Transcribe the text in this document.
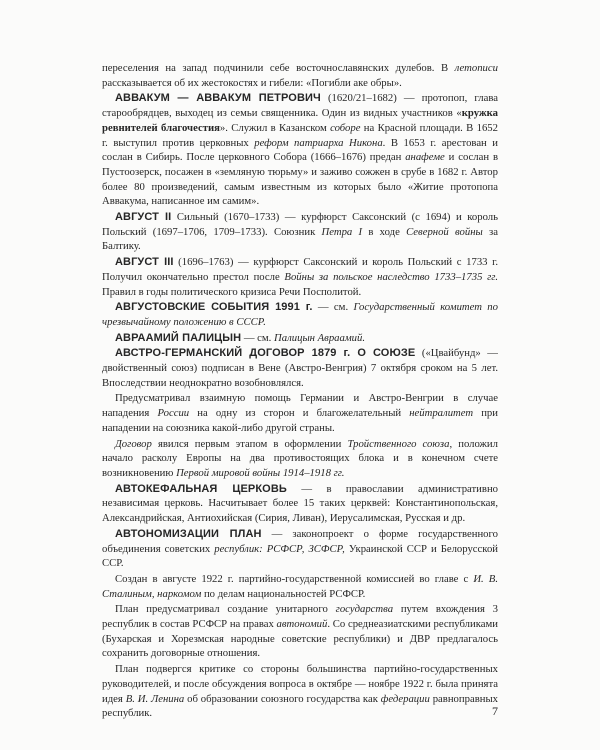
переселения на запад подчинили себе восточнославянских дулебов. В летописи рассказывается об их жестокостях и гибели: «Погибли аке обры».

АВВАКУМ — АВВАКУМ ПЕТРОВИЧ (1620/21–1682) — протопоп, глава старообрядцев, выходец из семьи священника. Один из видных участников «кружка ревнителей благочестия». Служил в Казанском соборе на Красной площади. В 1652 г. выступил против церковных реформ патриарха Никона. В 1653 г. арестован и сослан в Сибирь. После церковного Собора (1666–1676) предан анафеме и сослан в Пустоозерск, посажен в «земляную тюрьму» и заживо сожжен в срубе в 1682 г. Автор более 80 произведений, самым известным из которых было «Житие протопопа Аввакума, написанное им самим».

АВГУСТ II Сильный (1670–1733) — курфюрст Саксонский (с 1694) и король Польский (1697–1706, 1709–1733). Союзник Петра I в ходе Северной войны за Балтику.

АВГУСТ III (1696–1763) — курфюрст Саксонский и король Польский с 1733 г. Получил окончательно престол после Войны за польское наследство 1733–1735 гг. Правил в годы политического кризиса Речи Посполитой.

АВГУСТОВСКИЕ СОБЫТИЯ 1991 г. — см. Государственный комитет по чрезвычайному положению в СССР.

АВРААМИЙ ПАЛИЦЫН — см. Палицын Авраамий.

АВСТРО-ГЕРМАНСКИЙ ДОГОВОР 1879 г. О СОЮЗЕ («Цвайбунд» — двойственный союз) подписан в Вене (Австро-Венгрия) 7 октября сроком на 5 лет. Впоследствии неоднократно возобновлялся.

Предусматривал взаимную помощь Германии и Австро-Венгрии в случае нападения России на одну из сторон и благожелательный нейтралитет при нападении на союзника какой-либо другой страны.

Договор явился первым этапом в оформлении Тройственного союза, положил начало расколу Европы на два противостоящих блока и в конечном счете возникновению Первой мировой войны 1914–1918 гг.

АВТОКЕФАЛЬНАЯ ЦЕРКОВЬ — в православии административно независимая церковь. Насчитывает более 15 таких церквей: Константинопольская, Александрийская, Антиохийская (Сирия, Ливан), Иерусалимская, Русская и др.

АВТОНОМИЗАЦИИ ПЛАН — законопроект о форме государственного объединения советских республик: РСФСР, ЗСФСР, Украинской ССР и Белорусской ССР.

Создан в августе 1922 г. партийно-государственной комиссией во главе с И. В. Сталиным, наркомом по делам национальностей РСФСР.

План предусматривал создание унитарного государства путем вхождения 3 республик в состав РСФСР на правах автономий. Со среднеазиатскими республиками (Бухарская и Хорезмская народные советские республики) и ДВР предлагалось сохранить договорные отношения.

План подвергся критике со стороны большинства партийно-государственных руководителей, и после обсуждения вопроса в октябре — ноябре 1922 г. была принята идея В. И. Ленина об образовании союзного государства как федерации равноправных республик.	7
